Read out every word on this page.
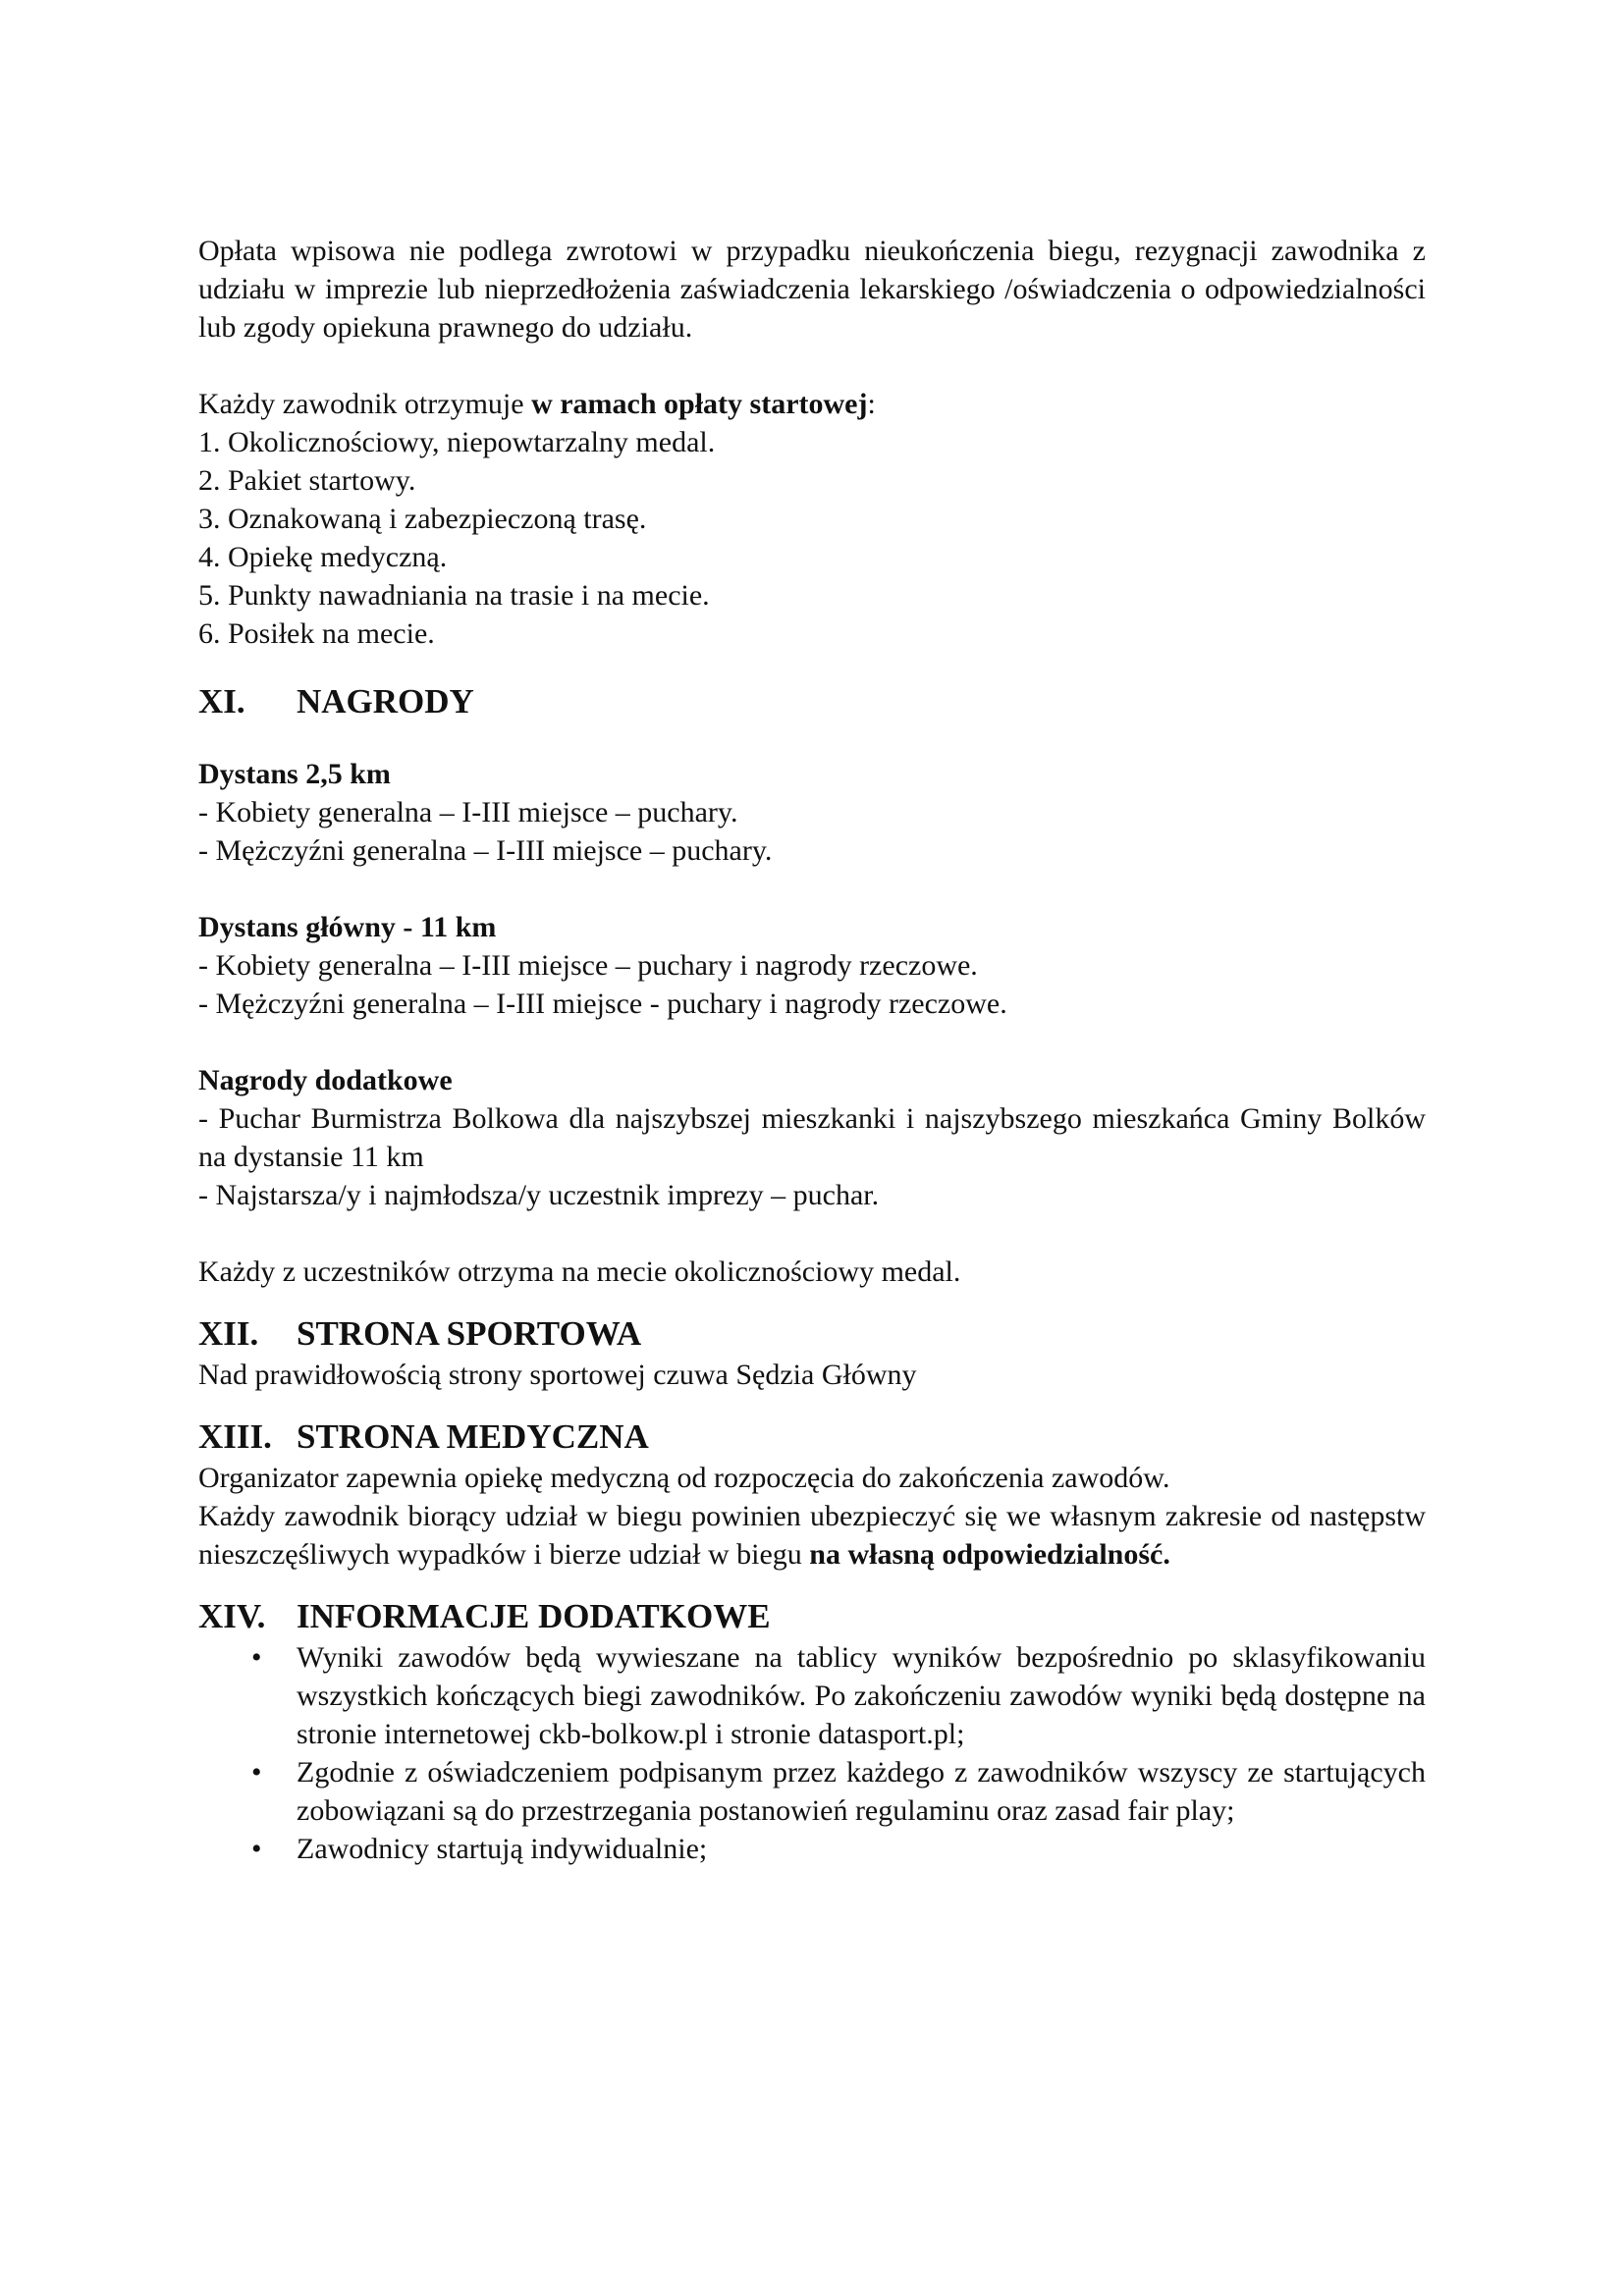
Opłata wpisowa nie podlega zwrotowi w przypadku nieukończenia biegu, rezygnacji zawodnika z udziału w imprezie lub nieprzedłożenia zaświadczenia lekarskiego /oświadczenia o odpowiedzialności lub zgody opiekuna prawnego do udziału.

Każdy zawodnik otrzymuje w ramach opłaty startowej:

1. Okolicznościowy, niepowtarzalny medal.

2. Pakiet startowy.

3. Oznakowaną i zabezpieczoną trasę.

4. Opiekę medyczną.

5. Punkty nawadniania na trasie i na mecie.

6. Posiłek na mecie.

XI.	NAGRODY

Dystans 2,5 km

- Kobiety generalna – I-III miejsce – puchary.

- Mężczyźni generalna – I-III miejsce – puchary.

Dystans główny - 11 km

- Kobiety generalna – I-III miejsce – puchary i nagrody rzeczowe.

- Mężczyźni generalna – I-III miejsce - puchary i nagrody rzeczowe.

Nagrody dodatkowe

- Puchar Burmistrza Bolkowa dla najszybszej mieszkanki i najszybszego mieszkańca Gminy Bolków na dystansie 11 km

- Najstarsza/y i najmłodsza/y uczestnik imprezy – puchar.

Każdy z uczestników otrzyma na mecie okolicznościowy medal.

XII.	STRONA SPORTOWA

Nad prawidłowością strony sportowej czuwa Sędzia Główny

XIII. STRONA MEDYCZNA

Organizator zapewnia opiekę medyczną od rozpoczęcia do zakończenia zawodów.

Każdy zawodnik biorący udział w biegu powinien ubezpieczyć się we własnym zakresie od następstw nieszczęśliwych wypadków i bierze udział w biegu na własną odpowiedzialność.

XIV. INFORMACJE DODATKOWE
• Wyniki zawodów będą wywieszane na tablicy wyników bezpośrednio po sklasyfikowaniu wszystkich kończących biegi zawodników. Po zakończeniu zawodów wyniki będą dostępne na stronie internetowej ckb-bolkow.pl i stronie datasport.pl;
• Zgodnie z oświadczeniem podpisanym przez każdego z zawodników wszyscy ze startujących zobowiązani są do przestrzegania postanowień regulaminu oraz zasad fair play;
• Zawodnicy startują indywidualnie;
